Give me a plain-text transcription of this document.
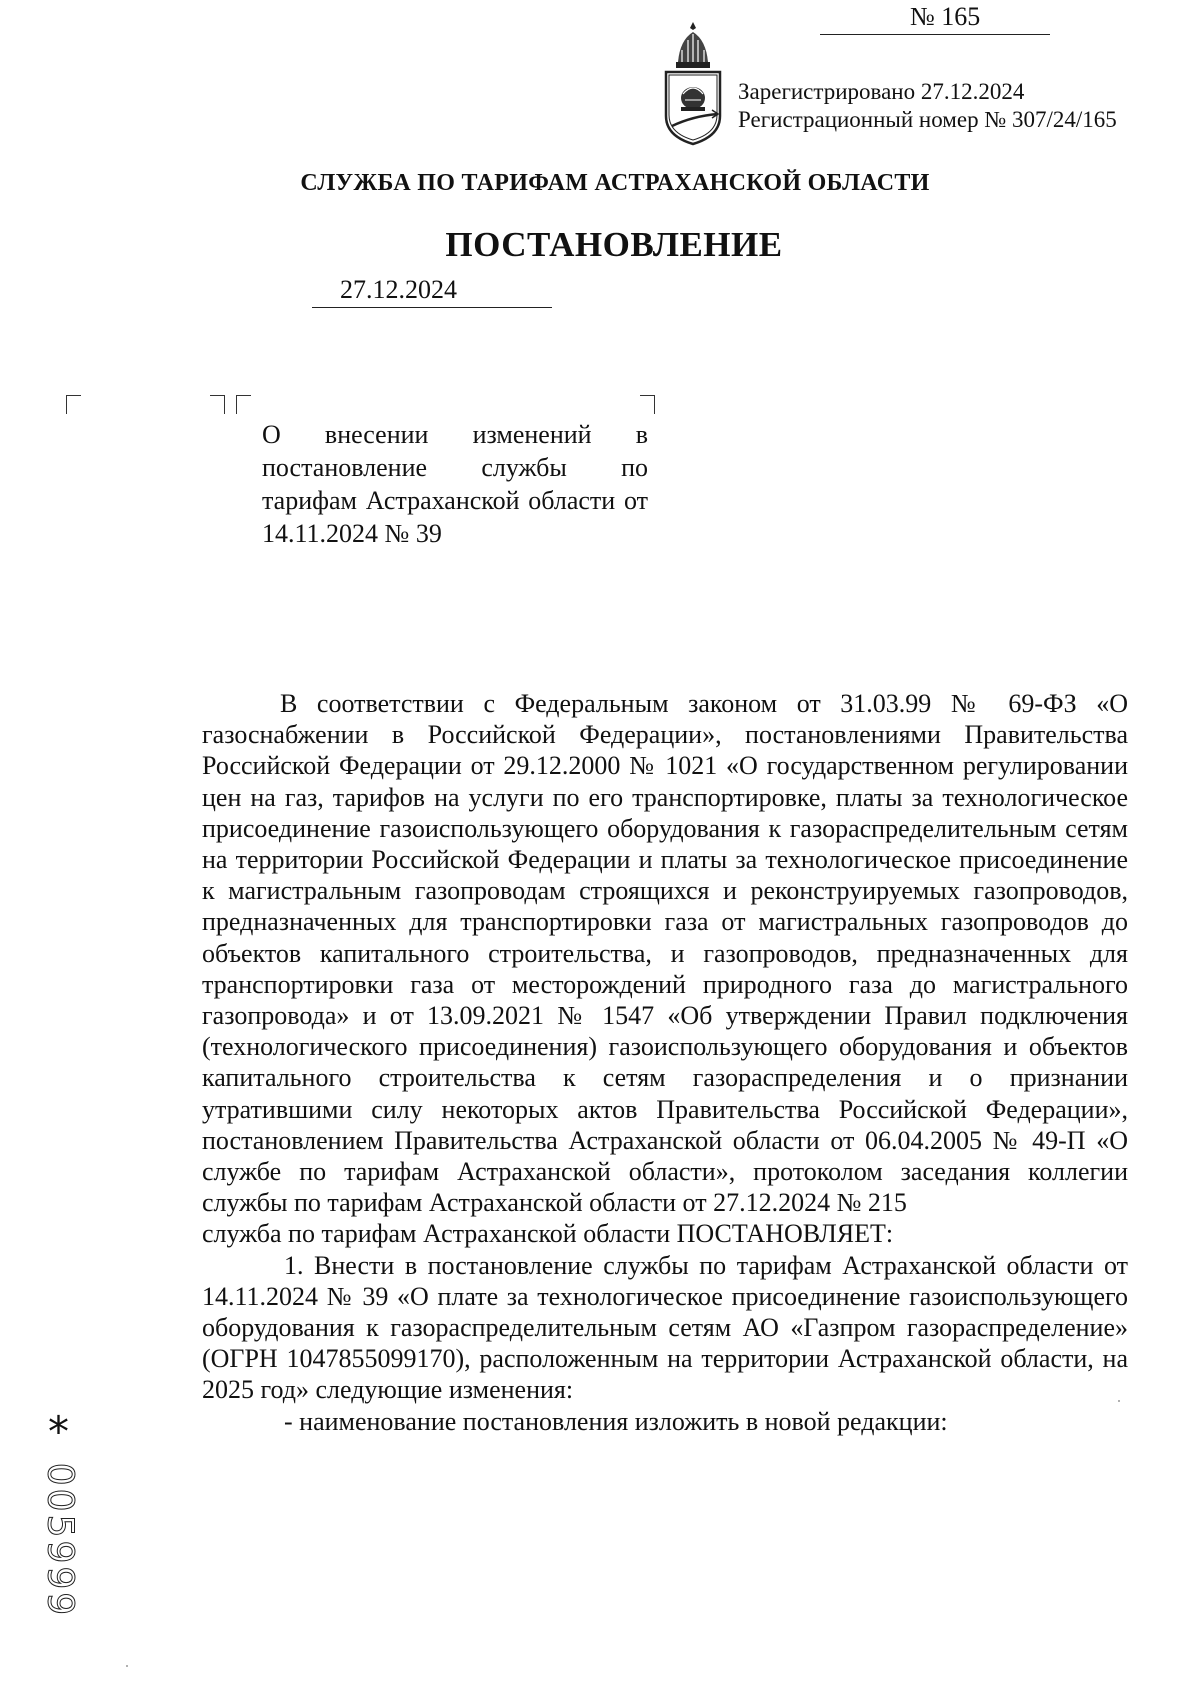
Зарегистрировано 27.12.2024
Регистрационный номер № 307/24/165
СЛУЖБА ПО ТАРИФАМ АСТРАХАНСКОЙ ОБЛАСТИ
ПОСТАНОВЛЕНИЕ
27.12.2024
№ 165
О внесении изменений в постановление службы по тарифам Астраханской области от 14.11.2024 № 39

В соответствии с Федеральным законом от 31.03.99 № 69-ФЗ «О газоснабжении в Российской Федерации», постановлениями Правительства Российской Федерации от 29.12.2000 № 1021 «О государственном регулировании цен на газ, тарифов на услуги по его транспортировке, платы за технологическое присоединение газоиспользующего оборудования к газораспределительным сетям на территории Российской Федерации и платы за технологическое присоединение к магистральным газопроводам строящихся и реконструируемых газопроводов, предназначенных для транспортировки газа от магистральных газопроводов до объектов капитального строительства, и газопроводов, предназначенных для транспортировки газа от месторождений природного газа до магистрального газопровода» и от 13.09.2021 № 1547 «Об утверждении Правил подключения (технологического присоединения) газоиспользующего оборудования и объектов капитального строительства к сетям газораспределения и о признании утратившими силу некоторых актов Правительства Российской Федерации», постановлением Правительства Астраханской области от 06.04.2005 № 49-П «О службе по тарифам Астраханской области», протоколом заседания коллегии службы по тарифам Астраханской области от 27.12.2024 № 215

служба по тарифам Астраханской области ПОСТАНОВЛЯЕТ:

1. Внести в постановление службы по тарифам Астраханской области от 14.11.2024 № 39 «О плате за технологическое присоединение газоиспользующего оборудования к газораспределительным сетям АО «Газпром газораспределение» (ОГРН 1047855099170), расположенным на территории Астраханской области, на 2025 год» следующие изменения:

- наименование постановления изложить в новой редакции:

*
005999
